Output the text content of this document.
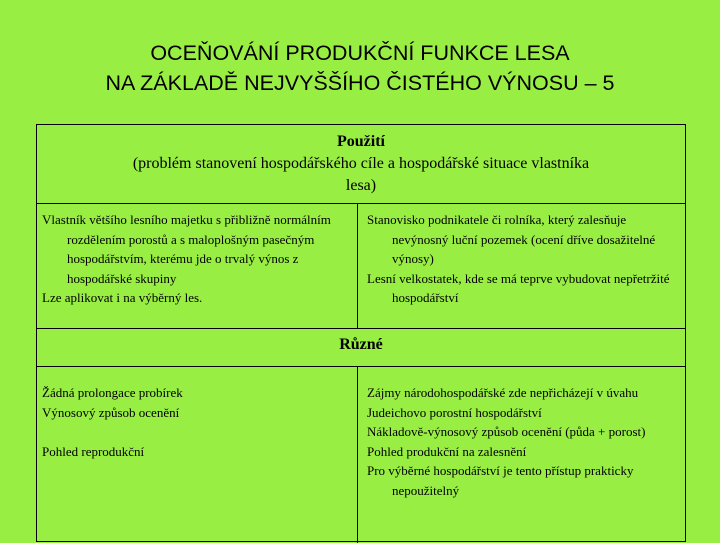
OCEŇOVÁNÍ PRODUKČNÍ FUNKCE LESA
NA ZÁKLADĚ NEJVYŠŠÍHO ČISTÉHO VÝNOSU – 5
Použití
(problém stanovení hospodářského cíle a hospodářské situace vlastníka
lesa)
Vlastník většího lesního majetku s přibližně normálním rozdělením porostů a s maloplošným pasečným hospodářstvím, kterému jde o trvalý výnos z hospodářské skupiny
Lze aplikovat i na výběrný les.
Stanovisko podnikatele či rolníka, který zalesňuje nevýnosný luční pozemek (ocení dříve dosažitelné výnosy)
Lesní velkostatek, kde se má teprve vybudovat nepřetržité hospodářství
Různé
Žádná prolongace probírek
Výnosový způsob ocenění
Pohled reprodukční
Zájmy národohospodářské zde nepřicházejí v úvahu
Judeichovo porostní hospodářství
Nákladově-výnosový způsob ocenění (půda + porost)
Pohled produkční na zalesnění
Pro výběrné hospodářství je tento přístup prakticky nepoužitelný
